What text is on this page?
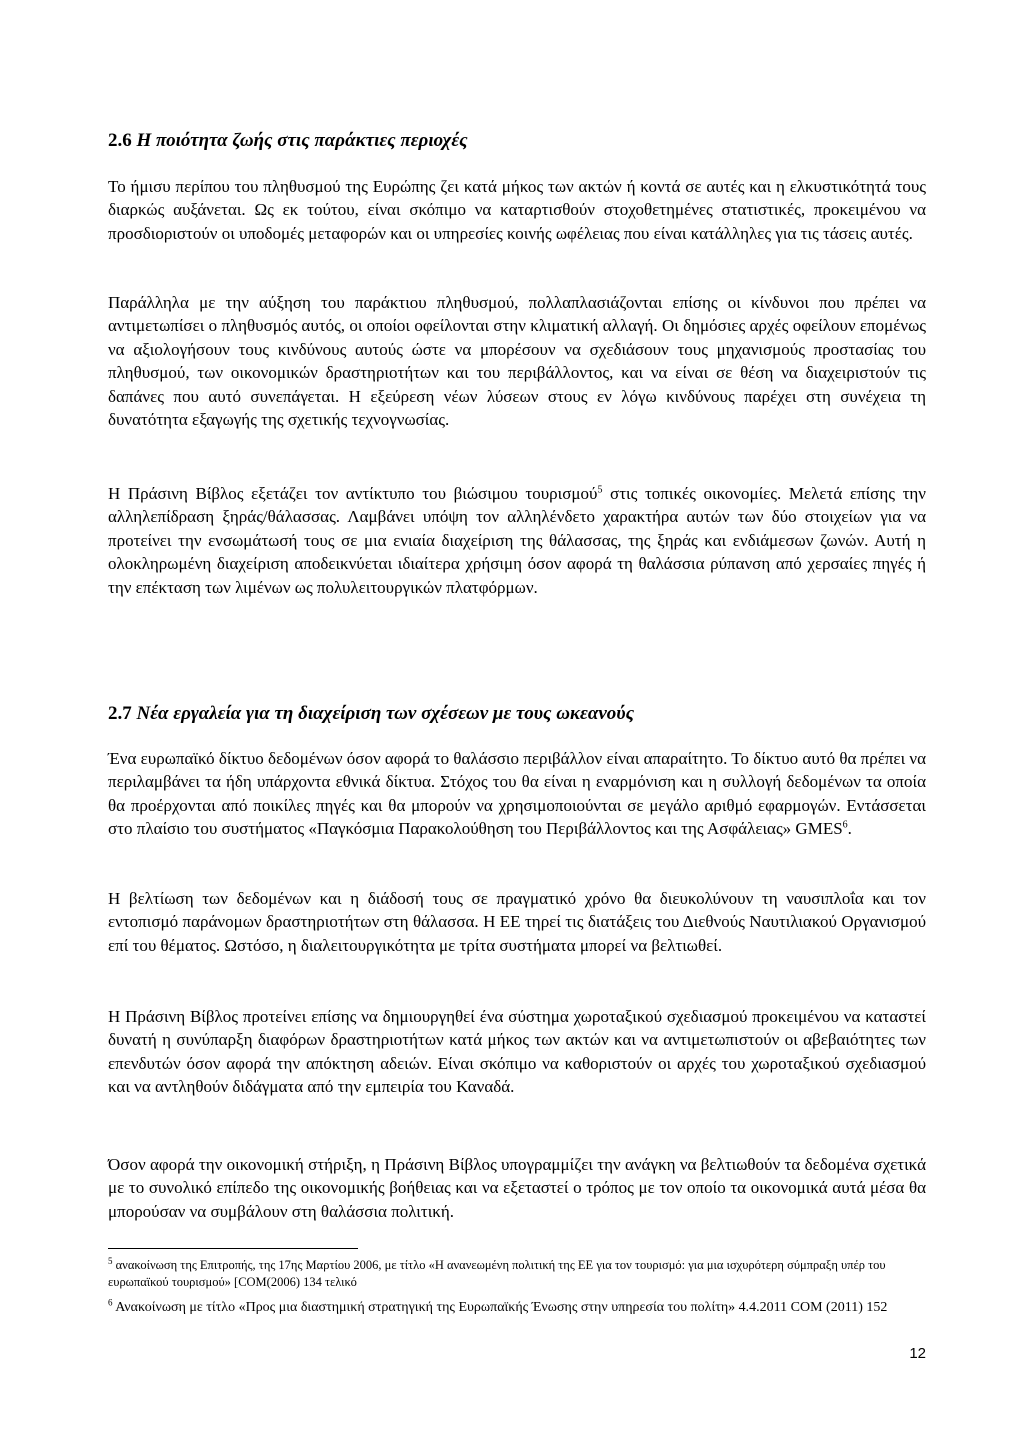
2.6 Η ποιότητα ζωής στις παράκτιες περιοχές

Το ήμισυ περίπου του πληθυσμού της Ευρώπης ζει κατά μήκος των ακτών ή κοντά σε αυτές και η ελκυστικότητά τους διαρκώς αυξάνεται. Ως εκ τούτου, είναι σκόπιμο να καταρτισθούν στοχοθετημένες στατιστικές, προκειμένου να προσδιοριστούν οι υποδομές μεταφορών και οι υπηρεσίες κοινής ωφέλειας που είναι κατάλληλες για τις τάσεις αυτές.

Παράλληλα με την αύξηση του παράκτιου πληθυσμού, πολλαπλασιάζονται επίσης οι κίνδυνοι που πρέπει να αντιμετωπίσει ο πληθυσμός αυτός, οι οποίοι οφείλονται στην κλιματική αλλαγή. Οι δημόσιες αρχές οφείλουν επομένως να αξιολογήσουν τους κινδύνους αυτούς ώστε να μπορέσουν να σχεδιάσουν τους μηχανισμούς προστασίας του πληθυσμού, των οικονομικών δραστηριοτήτων και του περιβάλλοντος, και να είναι σε θέση να διαχειριστούν τις δαπάνες που αυτό συνεπάγεται. Η εξεύρεση νέων λύσεων στους εν λόγω κινδύνους παρέχει στη συνέχεια τη δυνατότητα εξαγωγής της σχετικής τεχνογνωσίας.

Η Πράσινη Βίβλος εξετάζει τον αντίκτυπο του βιώσιμου τουρισμού$^5$ στις τοπικές οικονομίες. Μελετά επίσης την αλληλεπίδραση ξηράς/θάλασσας. Λαμβάνει υπόψη τον αλληλένδετο χαρακτήρα αυτών των δύο στοιχείων για να προτείνει την ενσωμάτωσή τους σε μια ενιαία διαχείριση της θάλασσας, της ξηράς και ενδιάμεσων ζωνών. Αυτή η ολοκληρωμένη διαχείριση αποδεικνύεται ιδιαίτερα χρήσιμη όσον αφορά τη θαλάσσια ρύπανση από χερσαίες πηγές ή την επέκταση των λιμένων ως πολυλειτουργικών πλατφόρμων.

2.7 Νέα εργαλεία για τη διαχείριση των σχέσεων με τους ωκεανούς

Ένα ευρωπαϊκό δίκτυο δεδομένων όσον αφορά το θαλάσσιο περιβάλλον είναι απαραίτητο. Το δίκτυο αυτό θα πρέπει να περιλαμβάνει τα ήδη υπάρχοντα εθνικά δίκτυα. Στόχος του θα είναι η εναρμόνιση και η συλλογή δεδομένων τα οποία θα προέρχονται από ποικίλες πηγές και θα μπορούν να χρησιμοποιούνται σε μεγάλο αριθμό εφαρμογών. Εντάσσεται στο πλαίσιο του συστήματος «Παγκόσμια Παρακολούθηση του Περιβάλλοντος και της Ασφάλειας» GMES$^6$.

Η βελτίωση των δεδομένων και η διάδοσή τους σε πραγματικό χρόνο θα διευκολύνουν τη ναυσιπλοΐα και τον εντοπισμό παράνομων δραστηριοτήτων στη θάλασσα. Η ΕΕ τηρεί τις διατάξεις του Διεθνούς Ναυτιλιακού Οργανισμού επί του θέματος. Ωστόσο, η διαλειτουργικότητα με τρίτα συστήματα μπορεί να βελτιωθεί.

Η Πράσινη Βίβλος προτείνει επίσης να δημιουργηθεί ένα σύστημα χωροταξικού σχεδιασμού προκειμένου να καταστεί δυνατή η συνύπαρξη διαφόρων δραστηριοτήτων κατά μήκος των ακτών και να αντιμετωπιστούν οι αβεβαιότητες των επενδυτών όσον αφορά την απόκτηση αδειών. Είναι σκόπιμο να καθοριστούν οι αρχές του χωροταξικού σχεδιασμού και να αντληθούν διδάγματα από την εμπειρία του Καναδά.

Όσον αφορά την οικονομική στήριξη, η Πράσινη Βίβλος υπογραμμίζει την ανάγκη να βελτιωθούν τα δεδομένα σχετικά με το συνολικό επίπεδο της οικονομικής βοήθειας και να εξεταστεί ο τρόπος με τον οποίο τα οικονομικά αυτά μέσα θα μπορούσαν να συμβάλουν στη θαλάσσια πολιτική.

$^5$ ανακοίνωση της Επιτροπής, της 17ης Μαρτίου 2006, με τίτλο «Η ανανεωμένη πολιτική της ΕΕ για τον τουρισμό: για μια ισχυρότερη σύμπραξη υπέρ του ευρωπαϊκού τουρισμού» [COM(2006) 134 τελικό

$^6$ Ανακοίνωση με τίτλο «Προς μια διαστημική στρατηγική της Ευρωπαϊκής Ένωσης στην υπηρεσία του πολίτη» 4.4.2011 COM (2011) 152

12
